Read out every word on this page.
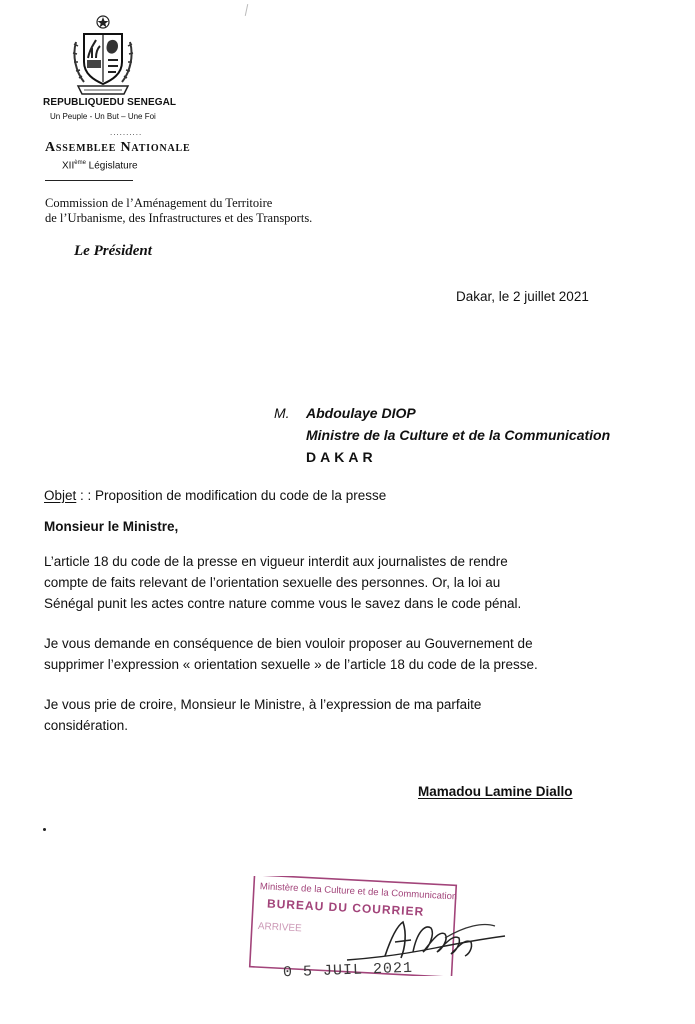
REPUBLIQUEDU SENEGAL
Un Peuple - Un But – Une Foi
..........
Assemblee Nationale
XIIème Législature
Commission de l’Aménagement du Territoire
de l’Urbanisme, des Infrastructures et des Transports.
Le Président
Dakar, le 2 juillet 2021
M. Abdoulaye DIOP
Ministre de la Culture et de la Communication
DAKAR
Objet : : Proposition de modification du code de la presse
Monsieur le Ministre,
L’article 18 du code de la presse en vigueur interdit aux journalistes de rendre
compte de faits relevant de l’orientation sexuelle des personnes. Or, la loi au
Sénégal punit les actes contre nature comme vous le savez dans le code pénal.
Je vous demande en conséquence de bien vouloir proposer au Gouvernement de
supprimer l’expression « orientation sexuelle » de l’article 18 du code de la presse.
Je vous prie de croire, Monsieur le Ministre, à l’expression de ma parfaite
considération.
Mamadou Lamine Diallo
Ministère de la Culture et de la Communication
BUREAU DU COURRIER
ARRIVEE
0 5 JUIL 2021
